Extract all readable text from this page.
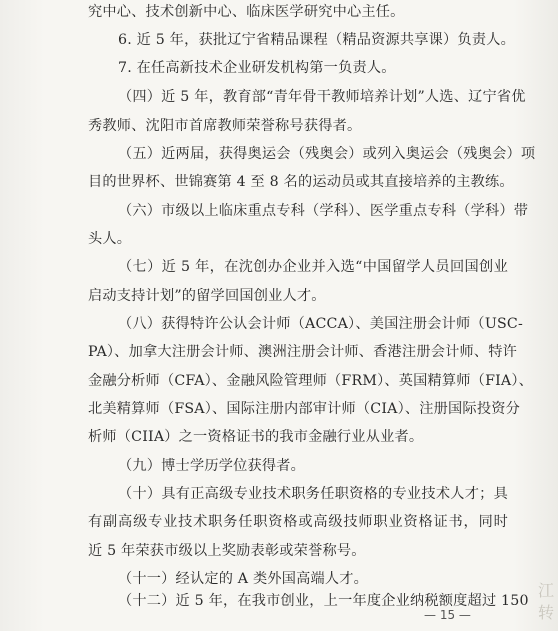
究中心、技术创新中心、临床医学研究中心主任。
6. 近 5 年，获批辽宁省精品课程（精品资源共享课）负责人。
7. 在任高新技术企业研发机构第一负责人。
（四）近 5 年，教育部“青年骨干教师培养计划”人选、辽宁省优
秀教师、沈阳市首席教师荣誉称号获得者。
（五）近两届，获得奥运会（残奥会）或列入奥运会（残奥会）项
目的世界杯、世锦赛第 4 至 8 名的运动员或其直接培养的主教练。
（六）市级以上临床重点专科（学科）、医学重点专科（学科）带
头人。
（七）近 5 年，在沈创办企业并入选“中国留学人员回国创业
启动支持计划”的留学回国创业人才。
（八）获得特许公认会计师（ACCA）、美国注册会计师（USC-
PA）、加拿大注册会计师、澳洲注册会计师、香港注册会计师、特许
金融分析师（CFA）、金融风险管理师（FRM）、英国精算师（FIA）、
北美精算师（FSA）、国际注册内部审计师（CIA）、注册国际投资分
析师（CIIA）之一资格证书的我市金融行业从业者。
（九）博士学历学位获得者。
（十）具有正高级专业技术职务任职资格的专业技术人才；具
有副高级专业技术职务任职资格或高级技师职业资格证书，同时
近 5 年荣获市级以上奖励表彰或荣誉称号。
（十一）经认定的 A 类外国高端人才。
（十二）近 5 年，在我市创业，上一年度企业纳税额度超过 150
— 15 —
江
转
